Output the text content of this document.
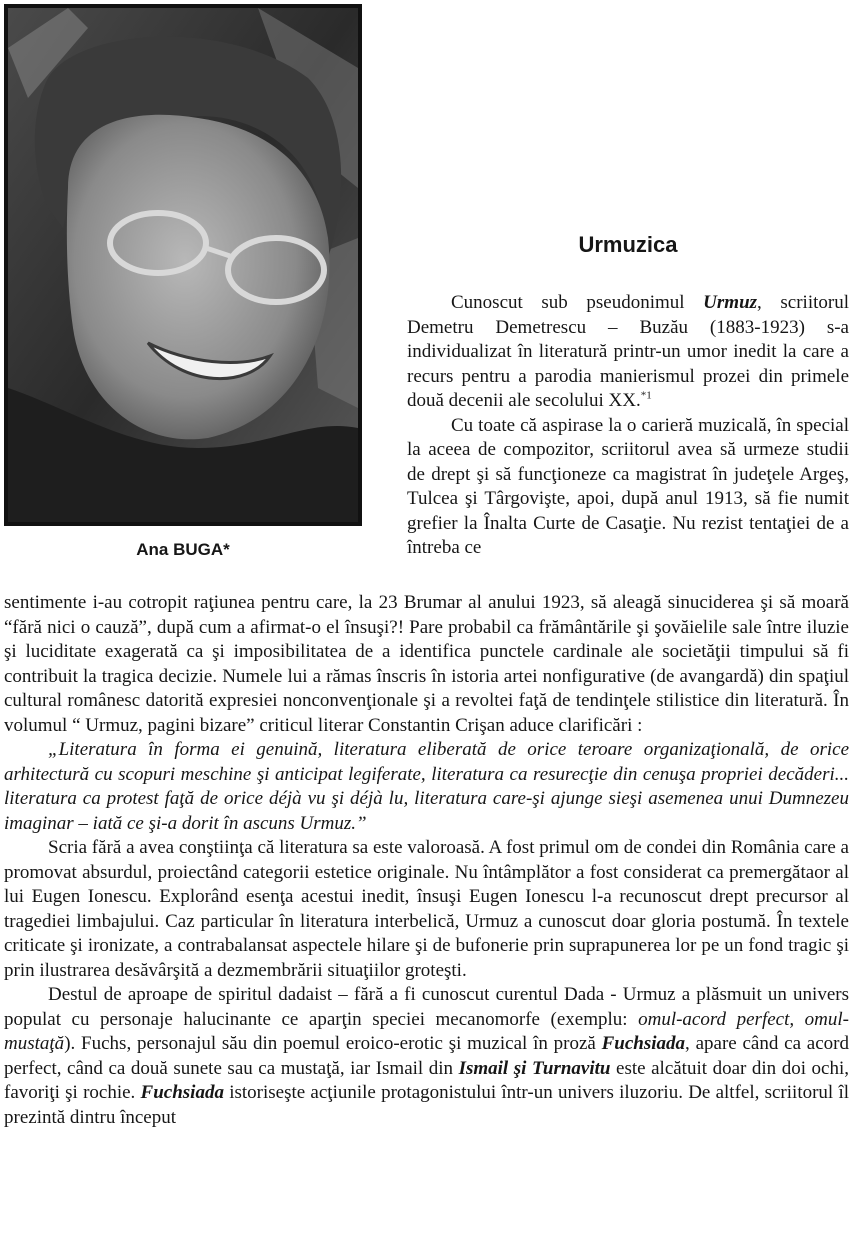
Ana BUGA*
Urmuzica

Cunoscut sub pseudonimul Urmuz, scriitorul Demetru Demetrescu – Buzău (1883-1923) s-a individualizat în literatură printr-un umor inedit la care a recurs pentru a parodia manierismul prozei din primele două decenii ale secolului XX.$^{*1}$

Cu toate că aspirase la o carieră muzicală, în special la aceea de compozitor, scriitorul avea să urmeze studii de drept şi să funcţioneze ca magistrat în judeţele Argeş, Tulcea şi Târgovişte, apoi, după anul 1913, să fie numit grefier la Înalta Curte de Casaţie. Nu rezist tentaţiei de a întreba ce

sentimente i-au cotropit raţiunea pentru care, la 23 Brumar al anului 1923, să aleagă sinuciderea şi să moară “fără nici o cauză”, după cum a afirmat-o el însuşi?! Pare probabil ca frământările şi şovăielile sale între iluzie şi luciditate exagerată ca şi imposibilitatea de a identifica punctele cardinale ale societăţii timpului să fi contribuit la tragica decizie. Numele lui a rămas înscris în istoria artei nonfigurative (de avangardă) din spaţiul cultural românesc datorită expresiei nonconvenţionale şi a revoltei faţă de tendinţele stilistice din literatură. În volumul “ Urmuz, pagini bizare” criticul literar Constantin Crişan aduce clarificări :

„Literatura în forma ei genuină, literatura eliberată de orice teroare organizaţională, de orice arhitectură cu scopuri meschine şi anticipat legiferate, literatura ca resurecţie din cenuşa propriei decăderi... literatura ca protest faţă de orice déjà vu şi déjà lu, literatura care-şi ajunge sieşi asemenea unui Dumnezeu imaginar – iată ce şi-a dorit în ascuns Urmuz.”

Scria fără a avea conştiinţa că literatura sa este valoroasă. A fost primul om de condei din România care a promovat absurdul, proiectând categorii estetice originale. Nu întâmplător a fost considerat ca premergătaor al lui Eugen Ionescu. Explorând esenţa acestui inedit, însuşi Eugen Ionescu l-a recunoscut drept precursor al tragediei limbajului. Caz particular în literatura interbelică, Urmuz a cunoscut doar gloria postumă. În textele criticate şi ironizate, a contrabalansat aspectele hilare şi de bufonerie prin suprapunerea lor pe un fond tragic şi prin ilustrarea desăvârşită a dezmembrării situaţiilor groteşti.

Destul de aproape de spiritul dadaist – fără a fi cunoscut curentul Dada - Urmuz a plăsmuit un univers populat cu personaje halucinante ce aparţin speciei mecanomorfe (exemplu: omul-acord perfect, omul- mustaţă). Fuchs, personajul său din poemul eroico-erotic şi muzical în proză Fuchsiada, apare când ca acord perfect, când ca două sunete sau ca mustaţă, iar Ismail din Ismail şi Turnavitu este alcătuit doar din doi ochi, favoriţi şi rochie. Fuchsiada istoriseşte acţiunile protagonistului într-un univers iluzoriu. De altfel, scriitorul îl prezintă dintru început
